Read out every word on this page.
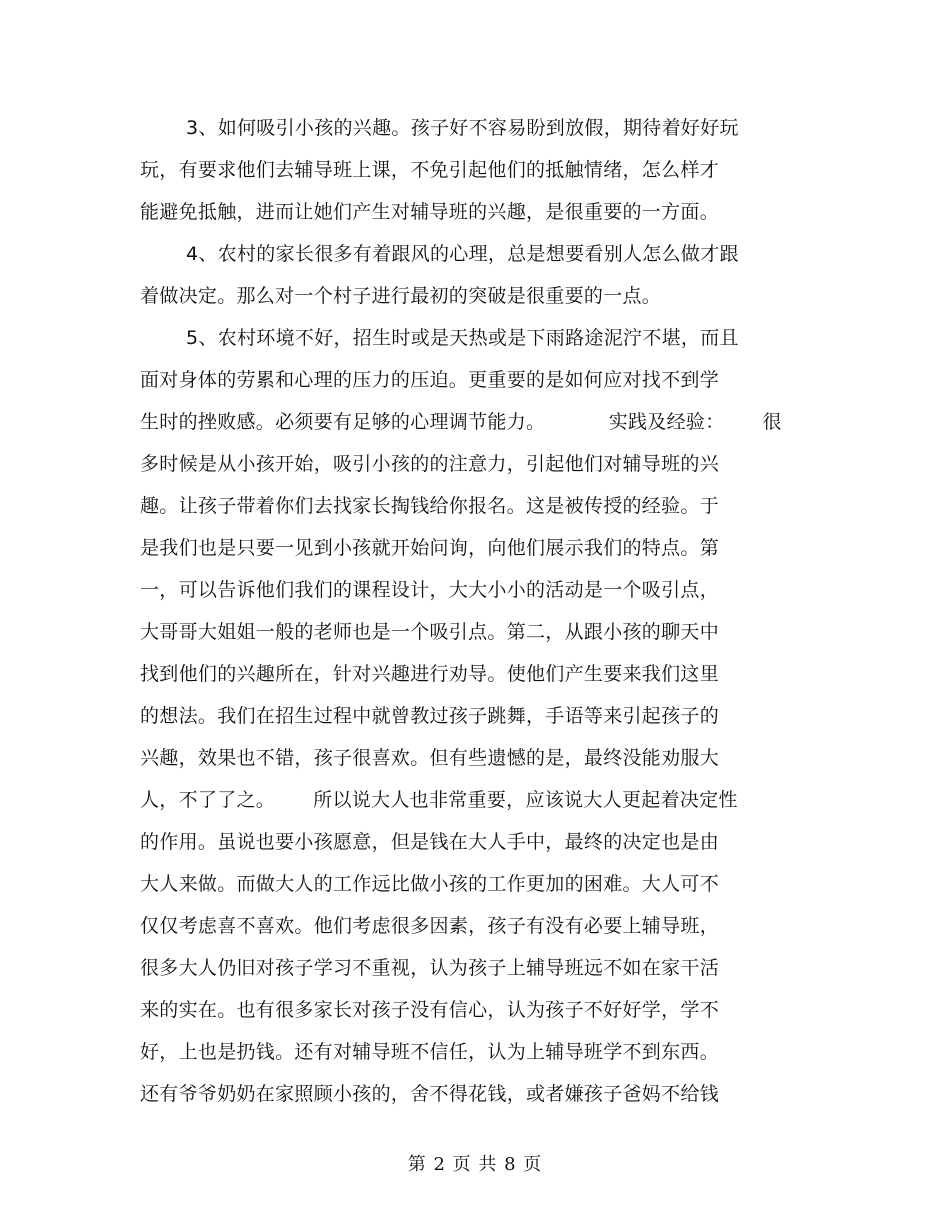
3、如何吸引小孩的兴趣。孩子好不容易盼到放假，期待着好好玩
玩，有要求他们去辅导班上课，不免引起他们的抵触情绪，怎么样才
能避免抵触，进而让她们产生对辅导班的兴趣，是很重要的一方面。
4、农村的家长很多有着跟风的心理，总是想要看别人怎么做才跟
着做决定。那么对一个村子进行最初的突破是很重要的一点。
5、农村环境不好，招生时或是天热或是下雨路途泥泞不堪，而且
面对身体的劳累和心理的压力的压迫。更重要的是如何应对找不到学
生时的挫败感。必须要有足够的心理调节能力。          实践及经验：      很
多时候是从小孩开始，吸引小孩的的注意力，引起他们对辅导班的兴
趣。让孩子带着你们去找家长掏钱给你报名。这是被传授的经验。于
是我们也是只要一见到小孩就开始问询，向他们展示我们的特点。第
一，可以告诉他们我们的课程设计，大大小小的活动是一个吸引点，
大哥哥大姐姐一般的老师也是一个吸引点。第二，从跟小孩的聊天中
找到他们的兴趣所在，针对兴趣进行劝导。使他们产生要来我们这里
的想法。我们在招生过程中就曾教过孩子跳舞，手语等来引起孩子的
兴趣，效果也不错，孩子很喜欢。但有些遗憾的是，最终没能劝服大
人，不了了之。      所以说大人也非常重要，应该说大人更起着决定性
的作用。虽说也要小孩愿意，但是钱在大人手中，最终的决定也是由
大人来做。而做大人的工作远比做小孩的工作更加的困难。大人可不
仅仅考虑喜不喜欢。他们考虑很多因素，孩子有没有必要上辅导班，
很多大人仍旧对孩子学习不重视，认为孩子上辅导班远不如在家干活
来的实在。也有很多家长对孩子没有信心，认为孩子不好好学，学不
好，上也是扔钱。还有对辅导班不信任，认为上辅导班学不到东西。
还有爷爷奶奶在家照顾小孩的，舍不得花钱，或者嫌孩子爸妈不给钱
第 2 页 共 8 页
